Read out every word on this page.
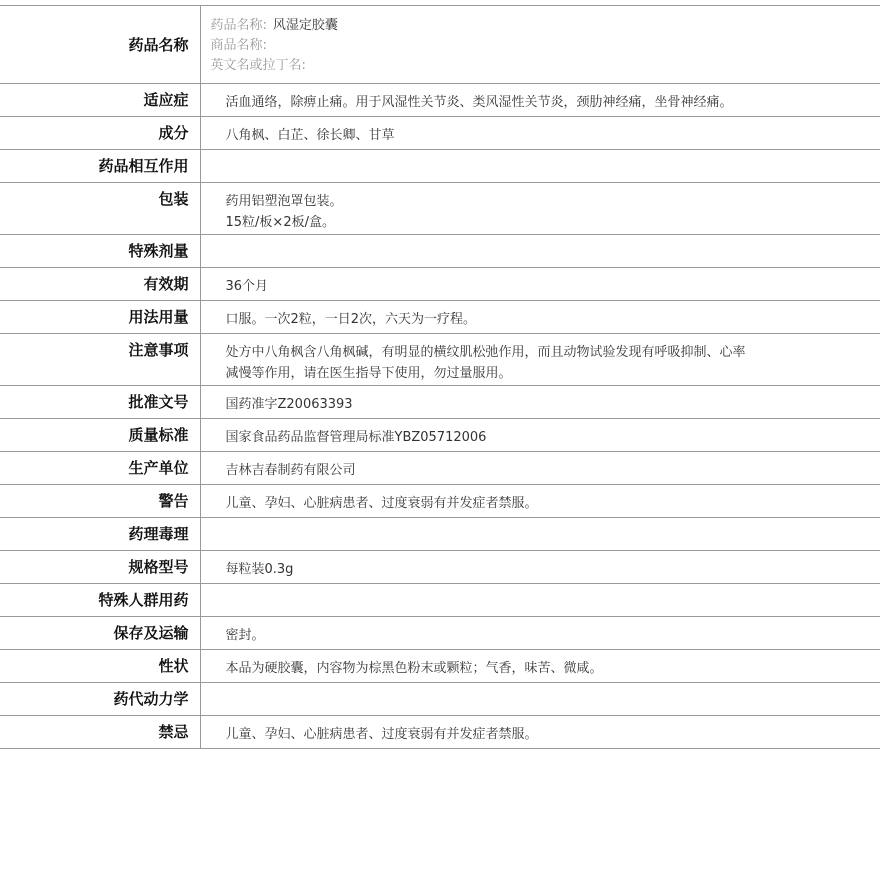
药品名称	药品名称: 风湿定胶囊
商品名称:
英文名或拉丁名:

适应症	活血通络，除痹止痛。用于风湿性关节炎、类风湿性关节炎，颈肋神经痛，坐骨神经痛。

成分	八角枫、白芷、徐长卿、甘草

药品相互作用	

包装	药用铝塑泡罩包装。
15粒/板×2板/盒。

特殊剂量	

有效期	36个月

用法用量	口服。一次2粒，一日2次，六天为一疗程。

注意事项	处方中八角枫含八角枫碱，有明显的横纹肌松弛作用，而且动物试验发现有呼吸抑制、心率
减慢等作用，请在医生指导下使用，勿过量服用。

批准文号	国药准字Z20063393

质量标准	国家食品药品监督管理局标准YBZ05712006

生产单位	吉林吉春制药有限公司

警告	儿童、孕妇、心脏病患者、过度衰弱有并发症者禁服。

药理毒理	

规格型号	每粒装0.3g

特殊人群用药	

保存及运输	密封。

性状	本品为硬胶囊，内容物为棕黑色粉末或颗粒；气香，味苦、微咸。

药代动力学	

禁忌	儿童、孕妇、心脏病患者、过度衰弱有并发症者禁服。
